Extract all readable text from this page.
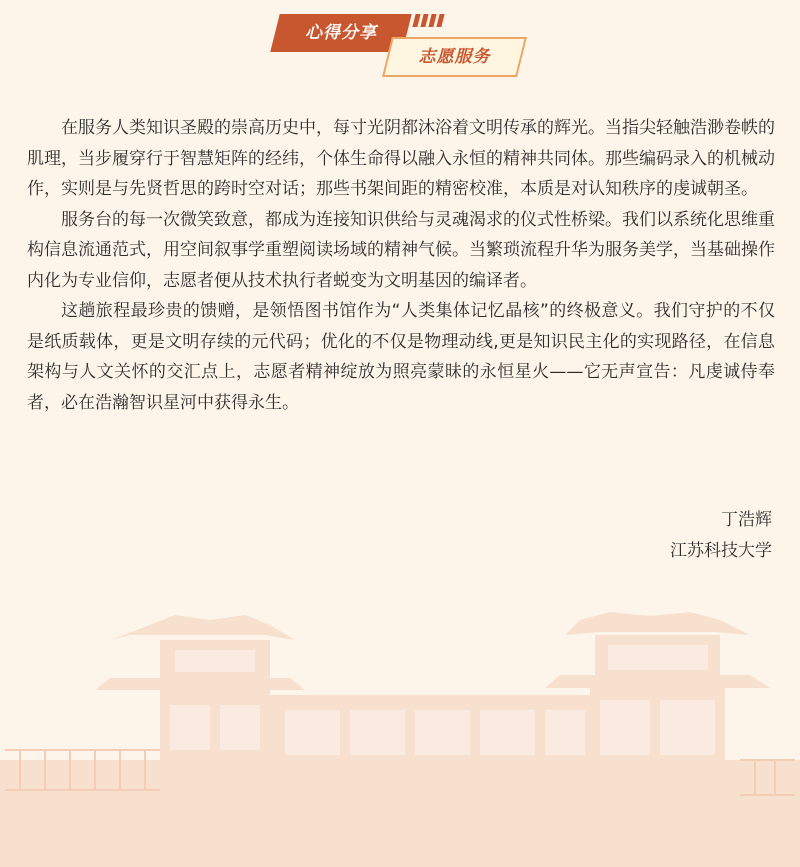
心得分享
志愿服务

在服务人类知识圣殿的崇高历史中，每寸光阴都沐浴着文明传承的辉光。当指尖轻触浩渺卷帙的肌理，当步履穿行于智慧矩阵的经纬，个体生命得以融入永恒的精神共同体。那些编码录入的机械动作，实则是与先贤哲思的跨时空对话；那些书架间距的精密校准，本质是对认知秩序的虔诚朝圣。

服务台的每一次微笑致意，都成为连接知识供给与灵魂渴求的仪式性桥梁。我们以系统化思维重构信息流通范式，用空间叙事学重塑阅读场域的精神气候。当繁琐流程升华为服务美学，当基础操作内化为专业信仰，志愿者便从技术执行者蜕变为文明基因的编译者。

这趟旅程最珍贵的馈赠，是领悟图书馆作为“人类集体记忆晶核”的终极意义。我们守护的不仅是纸质载体，更是文明存续的元代码；优化的不仅是物理动线,更是知识民主化的实现路径，在信息架构与人文关怀的交汇点上，志愿者精神绽放为照亮蒙昧的永恒星火——它无声宣告：凡虔诚侍奉者，必在浩瀚智识星河中获得永生。

丁浩辉
江苏科技大学
